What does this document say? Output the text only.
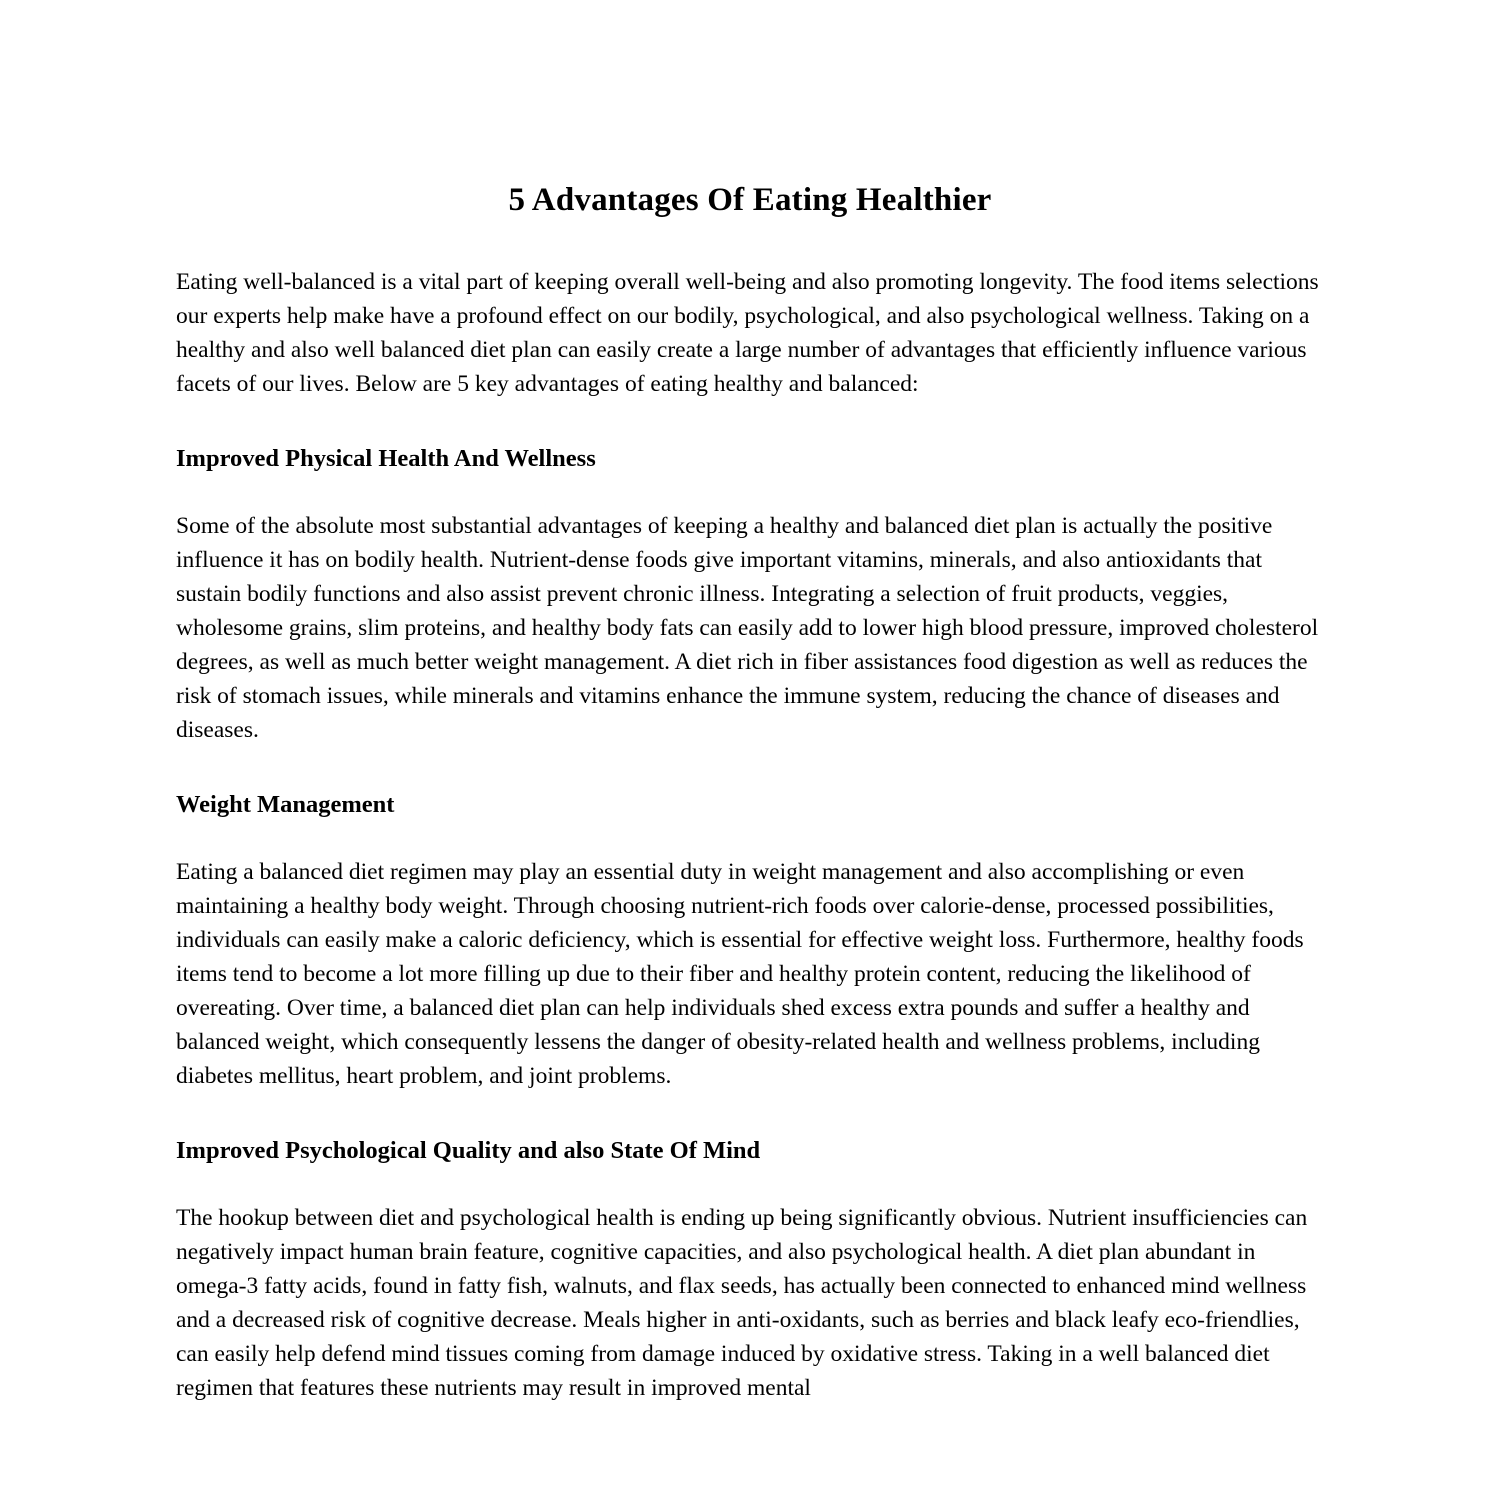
5 Advantages Of Eating Healthier

Eating well-balanced is a vital part of keeping overall well-being and also promoting longevity. The food items selections our experts help make have a profound effect on our bodily, psychological, and also psychological wellness. Taking on a healthy and also well balanced diet plan can easily create a large number of advantages that efficiently influence various facets of our lives. Below are 5 key advantages of eating healthy and balanced:

Improved Physical Health And Wellness

Some of the absolute most substantial advantages of keeping a healthy and balanced diet plan is actually the positive influence it has on bodily health. Nutrient-dense foods give important vitamins, minerals, and also antioxidants that sustain bodily functions and also assist prevent chronic illness. Integrating a selection of fruit products, veggies, wholesome grains, slim proteins, and healthy body fats can easily add to lower high blood pressure, improved cholesterol degrees, as well as much better weight management. A diet rich in fiber assistances food digestion as well as reduces the risk of stomach issues, while minerals and vitamins enhance the immune system, reducing the chance of diseases and diseases.

Weight Management

Eating a balanced diet regimen may play an essential duty in weight management and also accomplishing or even maintaining a healthy body weight. Through choosing nutrient-rich foods over calorie-dense, processed possibilities, individuals can easily make a caloric deficiency, which is essential for effective weight loss. Furthermore, healthy foods items tend to become a lot more filling up due to their fiber and healthy protein content, reducing the likelihood of overeating. Over time, a balanced diet plan can help individuals shed excess extra pounds and suffer a healthy and balanced weight, which consequently lessens the danger of obesity-related health and wellness problems, including diabetes mellitus, heart problem, and joint problems.

Improved Psychological Quality and also State Of Mind

The hookup between diet and psychological health is ending up being significantly obvious. Nutrient insufficiencies can negatively impact human brain feature, cognitive capacities, and also psychological health. A diet plan abundant in omega-3 fatty acids, found in fatty fish, walnuts, and flax seeds, has actually been connected to enhanced mind wellness and a decreased risk of cognitive decrease. Meals higher in anti-oxidants, such as berries and black leafy eco-friendlies, can easily help defend mind tissues coming from damage induced by oxidative stress. Taking in a well balanced diet regimen that features these nutrients may result in improved mental
